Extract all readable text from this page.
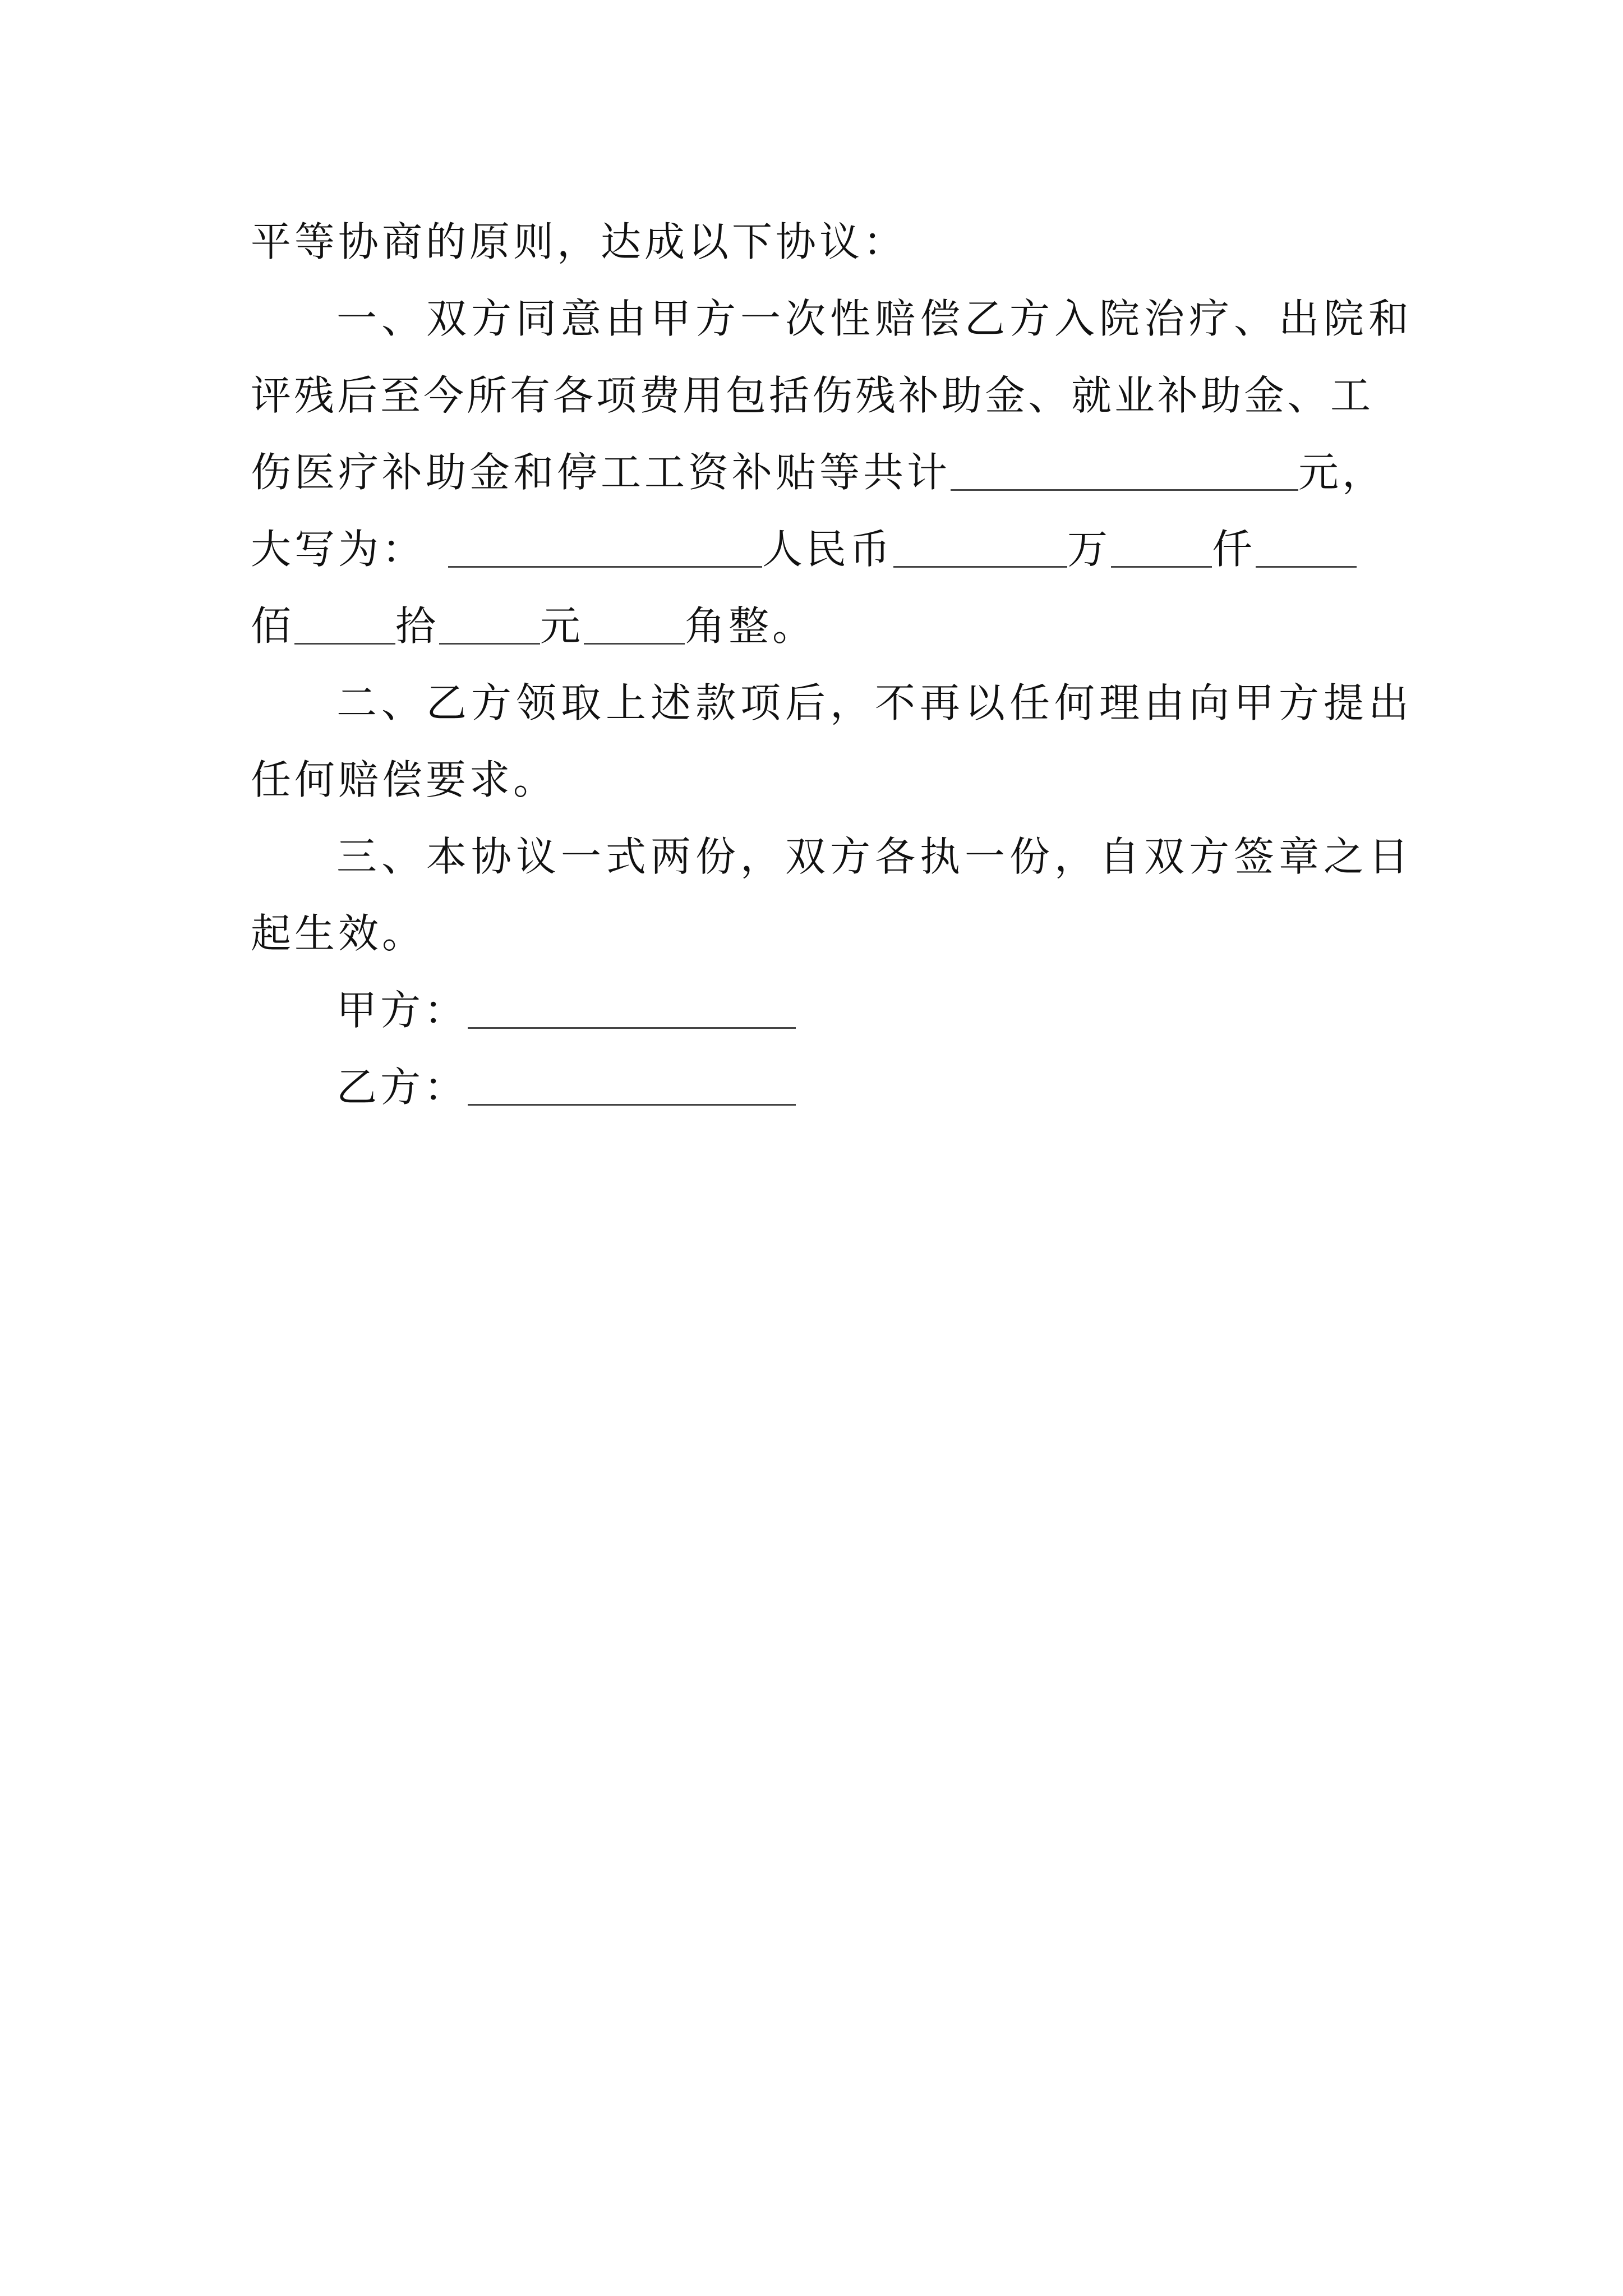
平等协商的原则，达成以下协议：
一、双方同意由甲方一次性赔偿乙方入院治疗、出院和
评残后至今所有各项费用包括伤残补助金、就业补助金、工
伤医疗补助金和停工工资补贴等共计	元，
大写为：	人民币	万	仟
佰	拾	元	角整。
二、乙方领取上述款项后，不再以任何理由向甲方提出
任何赔偿要求。
三、本协议一式两份，双方各执一份，自双方签章之日
起生效。
甲方：
乙方：
